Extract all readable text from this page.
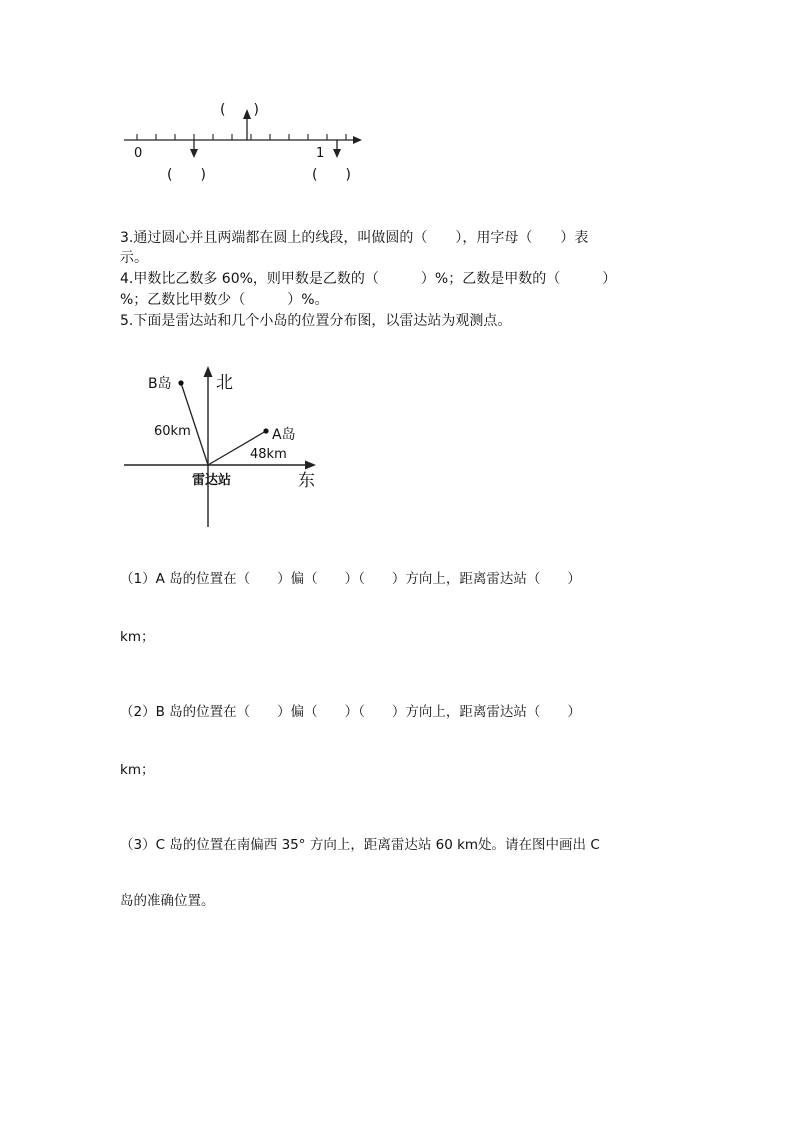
0	1
(　　)
(　　)	(　　)
3.通过圆心并且两端都在圆上的线段，叫做圆的（　　），用字母（　　）表
示。
4.甲数比乙数多 60%，则甲数是乙数的（　　　）%；乙数是甲数的（　　　）
%；乙数比甲数少（　　　）%。
5.下面是雷达站和几个小岛的位置分布图，以雷达站为观测点。
北
东
B岛
A岛
60km
48km
雷达站
（1）A 岛的位置在（　　）偏（　　）（　　）方向上，距离雷达站（　　）
km；
（2）B 岛的位置在（　　）偏（　　）（　　）方向上，距离雷达站（　　）
km；
（3）C 岛的位置在南偏西 35° 方向上，距离雷达站 60 km处。请在图中画出 C
岛的准确位置。
